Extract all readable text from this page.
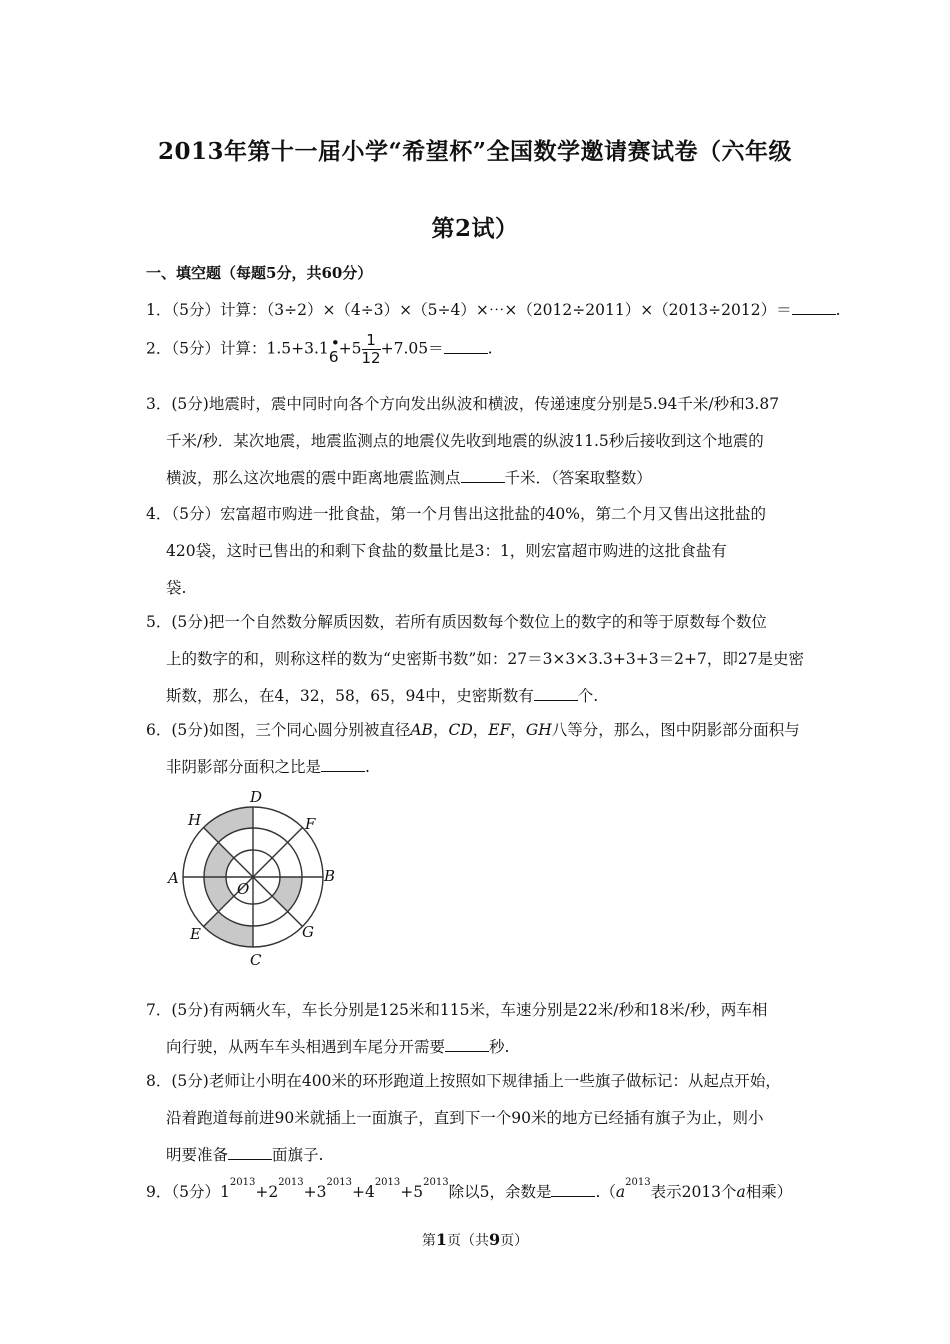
2013年第十一届小学“希望杯”全国数学邀请赛试卷（六年级
第2试）
一、填空题（每题5分，共60分）
1．（5分）计算：（3÷2）×（4÷3）×（5÷4）×⋯×（2012÷2011）×（2013÷2012）＝	.
2．（5分）计算：1.5+3.1 •
$6+5 \frac{1}{12} +7.05=$	.
3．(5分)地震时，震中同时向各个方向发出纵波和横波，传递速度分别是5.94千米/秒和3.87
千米/秒．某次地震，地震监测点的地震仪先收到地震的纵波11.5秒后接收到这个地震的
横波，那么这次地震的震中距离地震监测点	千米．（答案取整数）
4．（5分）宏富超市购进一批食盐，第一个月售出这批盐的40%，第二个月又售出这批盐的
420袋，这时已售出的和剩下食盐的数量比是3：1，则宏富超市购进的这批食盐有
袋.
5．(5分)把一个自然数分解质因数，若所有质因数每个数位上的数字的和等于原数每个数位
上的数字的和，则称这样的数为“史密斯书数”如：27＝3×3×3.3+3+3＝2+7，即27是史密
斯数，那么，在4，32，58，65，94中，史密斯数有	个.
6．(5分)如图，三个同心圆分别被直径AB，CD，EF，GH八等分，那么，图中阴影部分面积与
非阴影部分面积之比是	.
D
C
A	B
H	F
E	G
O
7．(5分)有两辆火车，车长分别是125米和115米，车速分别是22米/秒和18米/秒，两车相
向行驶，从两车车头相遇到车尾分开需要	秒.
8．(5分)老师让小明在400米的环形跑道上按照如下规律插上一些旗子做标记：从起点开始，
沿着跑道每前进90米就插上一面旗子，直到下一个90米的地方已经插有旗子为止，则小
明要准备	面旗子.
9．（5分）$1^{2013}+2^{2013}+3^{2013}+4^{2013}+5^{2013}$除以5，余数是	$.(a^{2013}$表示2013个a相乘）
第1页（共9页）
